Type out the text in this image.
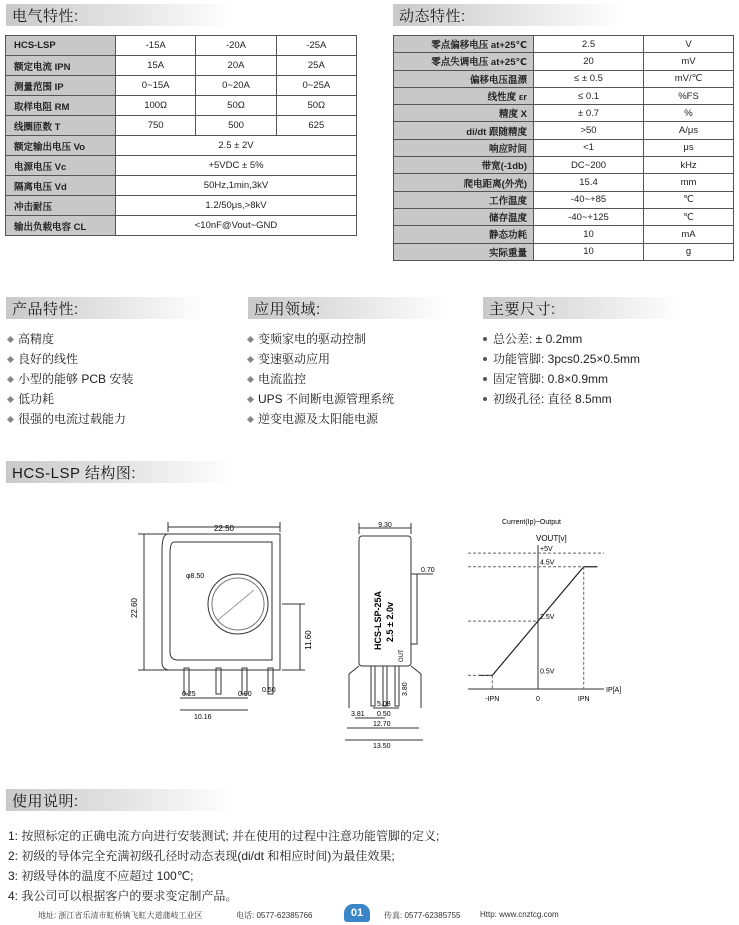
电气特性:	动态特性:
HCS-LSP	-15A	-20A	-25A
额定电流 IPN	15A	20A	25A
测量范围 IP	0~15A	0~20A	0~25A
取样电阻 RM	100Ω	50Ω	50Ω
线圈匝数 T	750	500	625
额定输出电压 Vo	2.5 ± 2V		
电源电压 Vc	+5VDC ± 5%		
隔离电压 Vd	50Hz,1min,3kV		
冲击耐压	1.2/50μs,>8kV		
输出负载电容 CL	<10nF@Vout~GND		
零点偏移电压 at+25℃	2.5	V
零点失调电压 at+25℃	20	mV
偏移电压温漂	≤ ± 0.5	mV/℃
线性度 εr	≤ 0.1	%FS
精度 X	± 0.7	%
di/dt 跟随精度	>50	A/μs
响应时间	<1	μs
带宽(-1db)	DC~200	kHz
爬电距离(外壳)	15.4	mm
工作温度	-40~+85	℃
储存温度	-40~+125	℃
静态功耗	10	mA
实际重量	10	g
产品特性:	应用领域:	主要尺寸:
高精度
良好的线性
小型的能够 PCB 安装
低功耗
很强的电流过载能力
变频家电的驱动控制
变速驱动应用
电流监控
UPS 不间断电源管理系统
逆变电源及太阳能电源
总公差: ± 0.2mm
功能管脚: 3pcs0.25×0.5mm
固定管脚: 0.8×0.9mm
初级孔径: 直径 8.5mm
HCS-LSP 结构图:
22.50
22.60
φ8.50
11.60
0.25
10.16
0.90
0.50
9.30
0.70
HCS-LSP-25A 2.5 ± 2.0v
OUT
3.81
5.08
0.50
12.70
13.50
3.80
Current(Ip)~Output
VOUT[v]
IP[A]
+5V
4.5V
2.5V
0.5V
-IPN	0	IPN
使用说明:
1: 按照标定的正确电流方向进行安装测试; 并在使用的过程中注意功能管脚的定义;
2: 初级的导体完全充满初级孔径时动态表现(di/dt 和相应时间)为最佳效果;
3: 初级导体的温度不应超过 100℃;
4: 我公司可以根据客户的要求变定制产品。
地址: 浙江省乐清市虹桥镇飞虹大道蒲岐工业区	电话: 0577-62385766	传真: 0577-62385755 Http: www.cnztcg.com
01
